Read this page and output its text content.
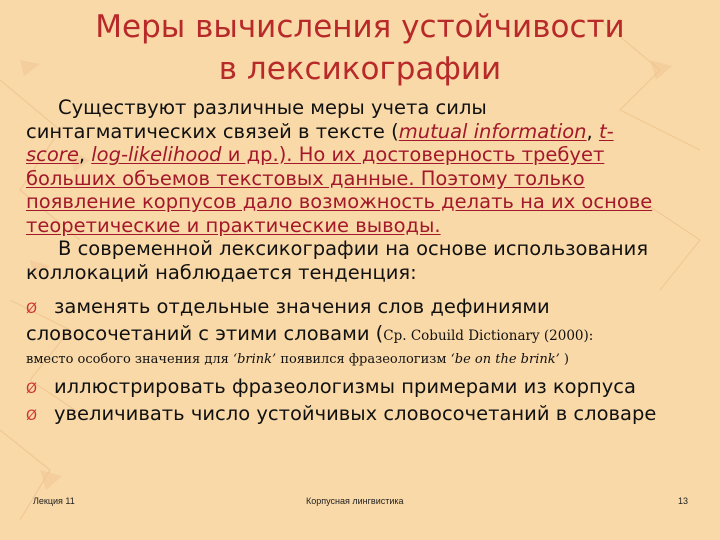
Меры вычисления устойчивости
в лексикографии

Существуют различные меры учета силы синтагматических связей в тексте (mutual information, t-score, log-likelihood и др.). Но их достоверность требует больших объемов текстовых данные. Поэтому только появление корпусов дало возможность делать на их основе теоретические и практические выводы.

В современной лексикографии на основе использования коллокаций наблюдается тенденция:

Ø заменять отдельные значения слов дефиниями словосочетаний с этими словами (Ср. Cobuild Dictionary (2000):

вместо особого значения для ‘brink’ появился фразеологизм ‘be on the brink’ )

Ø иллюстрировать фразеологизмы примерами из корпуса

Ø увеличивать число устойчивых словосочетаний в словаре

Лекция 11	Корпусная лингвистика	13
